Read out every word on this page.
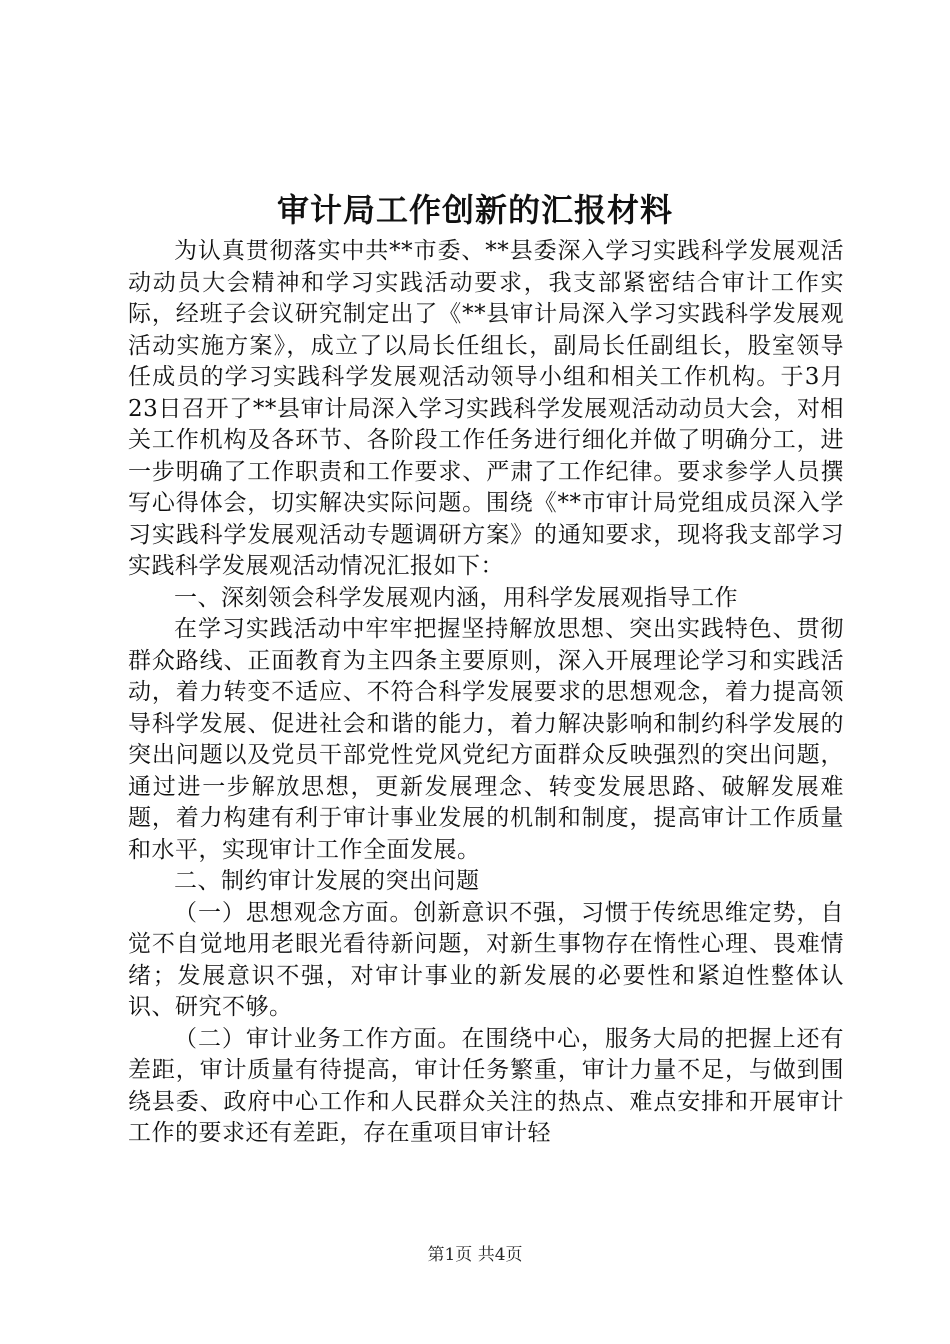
审计局工作创新的汇报材料

为认真贯彻落实中共**市委、**县委深入学习实践科学发展观活动动员大会精神和学习实践活动要求，我支部紧密结合审计工作实际，经班子会议研究制定出了《**县审计局深入学习实践科学发展观活动实施方案》，成立了以局长任组长，副局长任副组长，股室领导任成员的学习实践科学发展观活动领导小组和相关工作机构。于3月23日召开了**县审计局深入学习实践科学发展观活动动员大会，对相关工作机构及各环节、各阶段工作任务进行细化并做了明确分工，进一步明确了工作职责和工作要求、严肃了工作纪律。要求参学人员撰写心得体会，切实解决实际问题。围绕《**市审计局党组成员深入学习实践科学发展观活动专题调研方案》的通知要求，现将我支部学习实践科学发展观活动情况汇报如下：

一、深刻领会科学发展观内涵，用科学发展观指导工作

在学习实践活动中牢牢把握坚持解放思想、突出实践特色、贯彻群众路线、正面教育为主四条主要原则，深入开展理论学习和实践活动，着力转变不适应、不符合科学发展要求的思想观念，着力提高领导科学发展、促进社会和谐的能力，着力解决影响和制约科学发展的突出问题以及党员干部党性党风党纪方面群众反映强烈的突出问题，通过进一步解放思想，更新发展理念、转变发展思路、破解发展难题，着力构建有利于审计事业发展的机制和制度，提高审计工作质量和水平，实现审计工作全面发展。

二、制约审计发展的突出问题

（一）思想观念方面。创新意识不强，习惯于传统思维定势，自觉不自觉地用老眼光看待新问题，对新生事物存在惰性心理、畏难情绪；发展意识不强，对审计事业的新发展的必要性和紧迫性整体认识、研究不够。

（二）审计业务工作方面。在围绕中心，服务大局的把握上还有差距，审计质量有待提高，审计任务繁重，审计力量不足，与做到围绕县委、政府中心工作和人民群众关注的热点、难点安排和开展审计工作的要求还有差距，存在重项目审计轻

第1页 共4页
